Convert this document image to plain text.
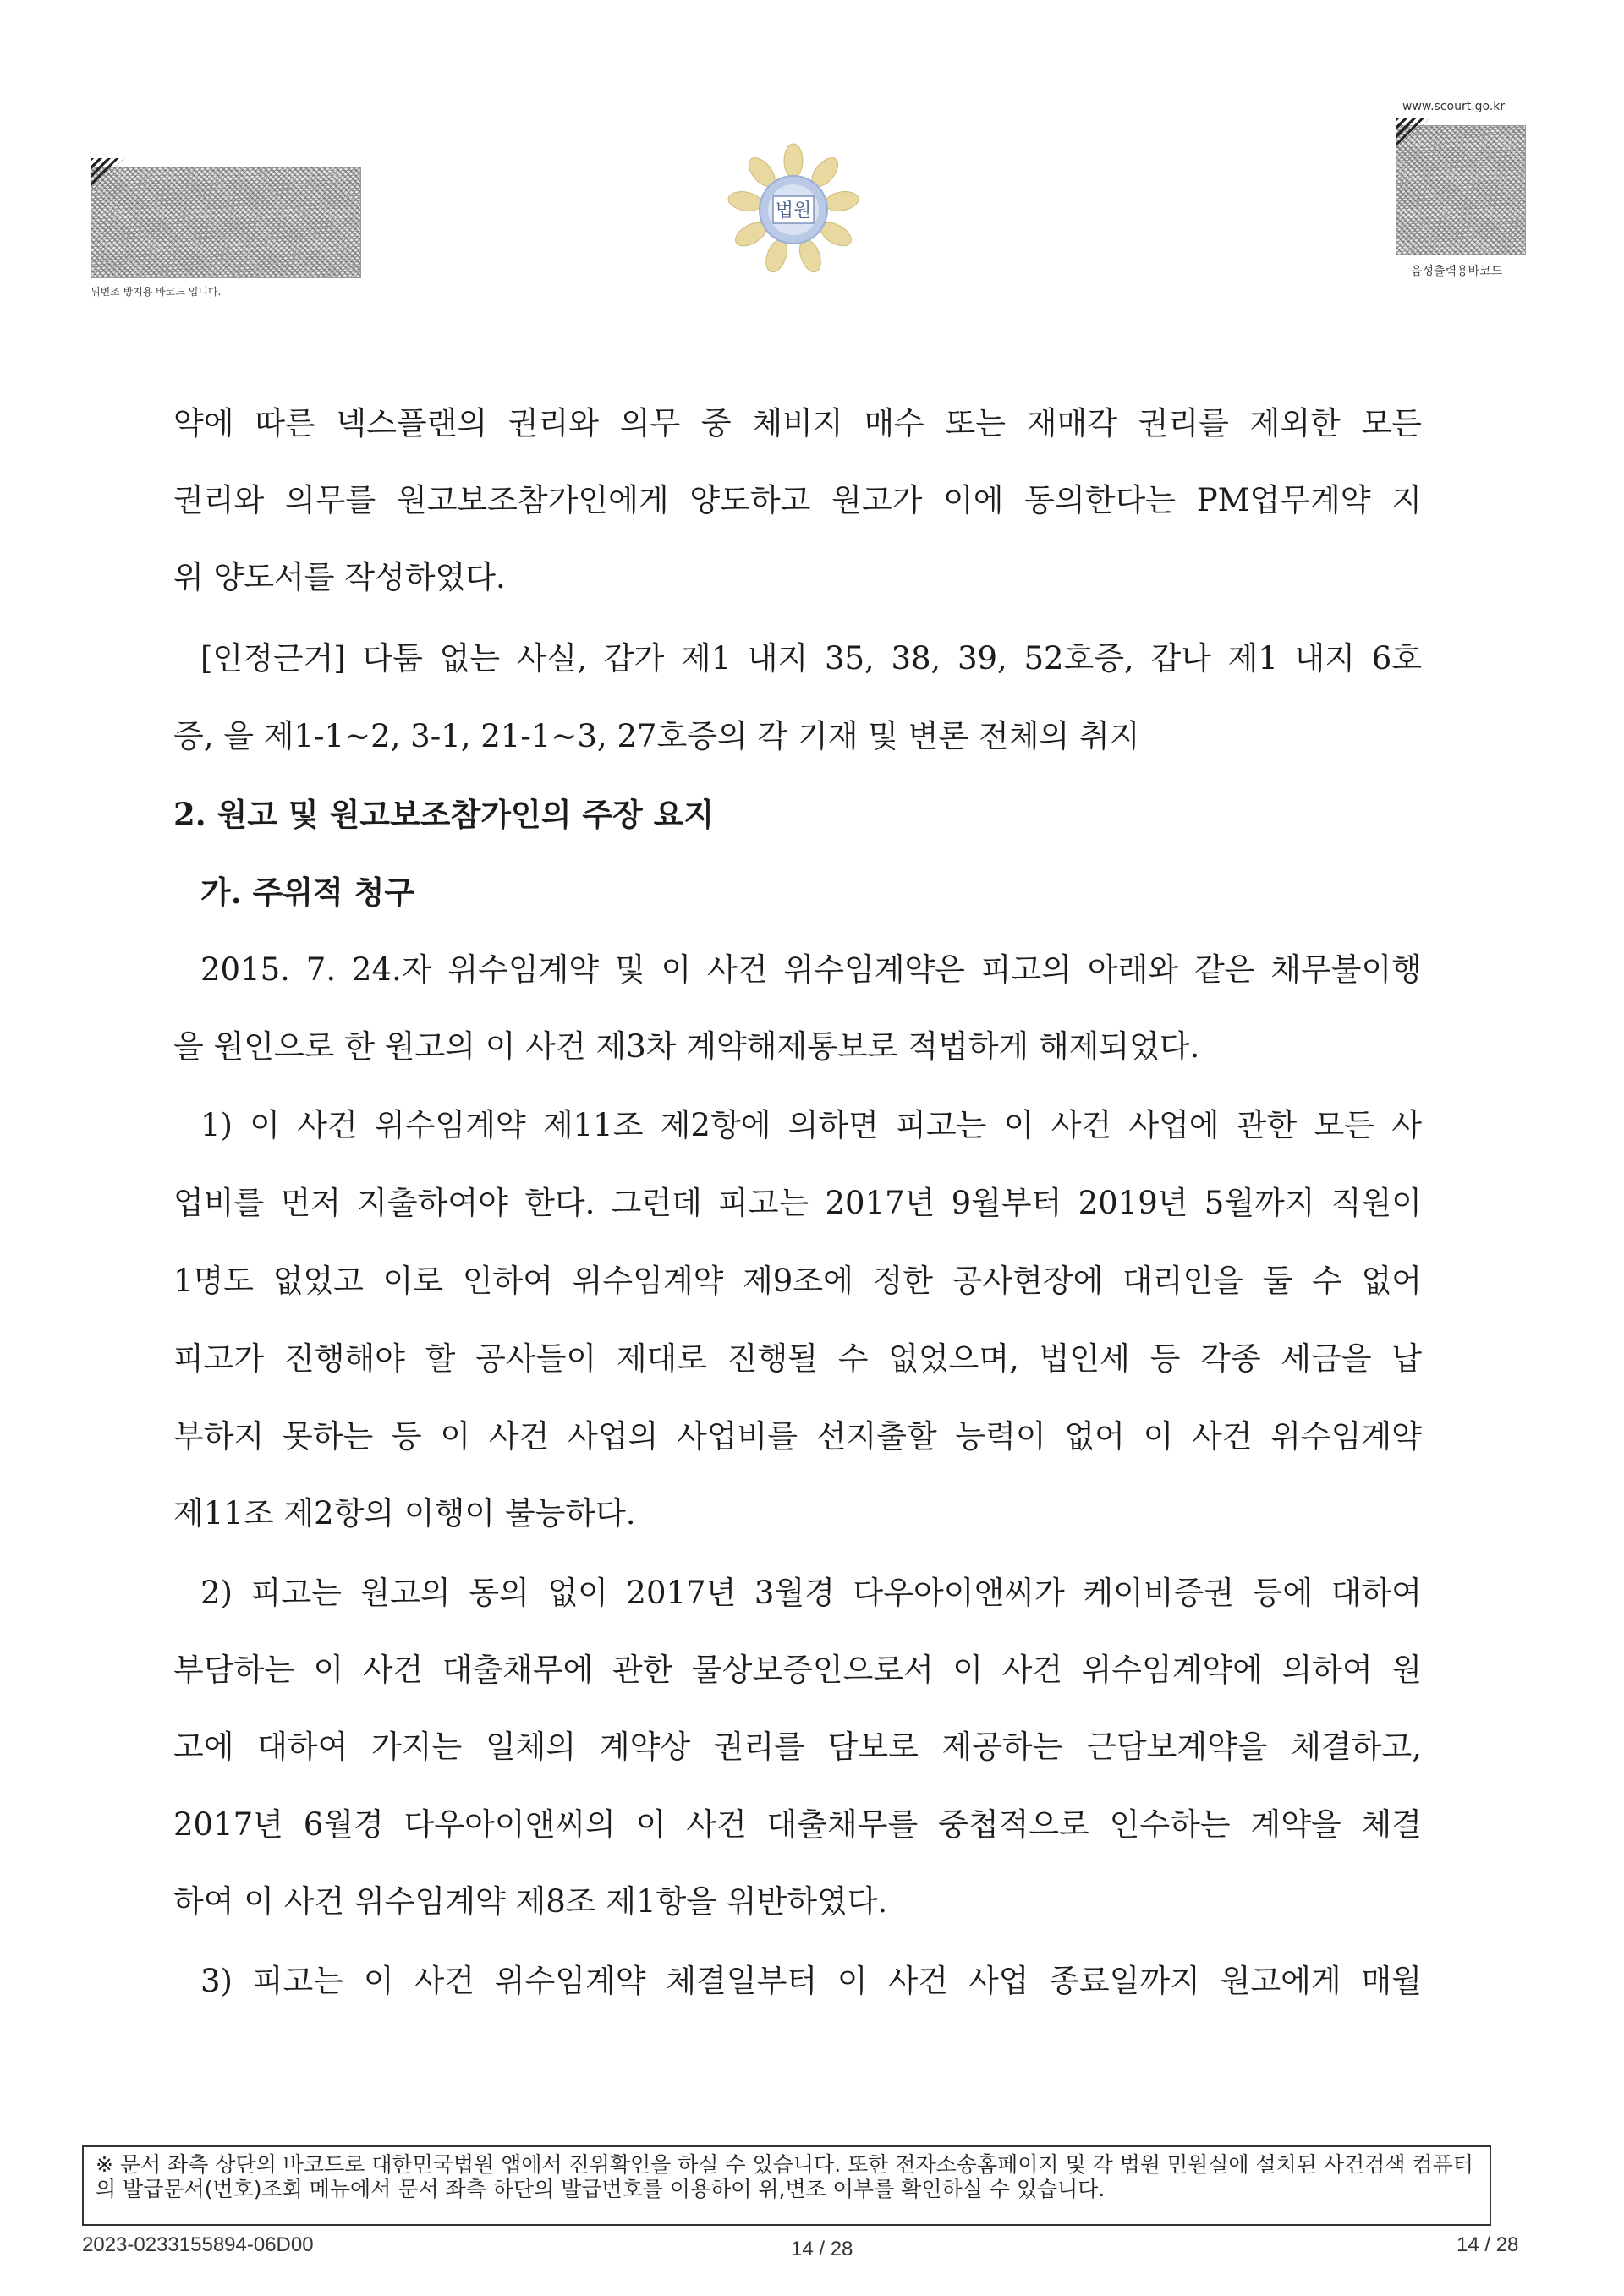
위변조 방지용 바코드 입니다.
법원
www.scourt.go.kr
음성출력용바코드
약에 따른 넥스플랜의 권리와 의무 중 체비지 매수 또는 재매각 권리를 제외한 모든
권리와 의무를 원고보조참가인에게 양도하고 원고가 이에 동의한다는 PM업무계약 지
위 양도서를 작성하였다.
[인정근거] 다툼 없는 사실, 갑가 제1 내지 35, 38, 39, 52호증, 갑나 제1 내지 6호
증, 을 제1-1~2, 3-1, 21-1~3, 27호증의 각 기재 및 변론 전체의 취지
2. 원고 및 원고보조참가인의 주장 요지
가. 주위적 청구
2015. 7. 24.자 위수임계약 및 이 사건 위수임계약은 피고의 아래와 같은 채무불이행
을 원인으로 한 원고의 이 사건 제3차 계약해제통보로 적법하게 해제되었다.
1) 이 사건 위수임계약 제11조 제2항에 의하면 피고는 이 사건 사업에 관한 모든 사
업비를 먼저 지출하여야 한다. 그런데 피고는 2017년 9월부터 2019년 5월까지 직원이
1명도 없었고 이로 인하여 위수임계약 제9조에 정한 공사현장에 대리인을 둘 수 없어
피고가 진행해야 할 공사들이 제대로 진행될 수 없었으며, 법인세 등 각종 세금을 납
부하지 못하는 등 이 사건 사업의 사업비를 선지출할 능력이 없어 이 사건 위수임계약
제11조 제2항의 이행이 불능하다.
2) 피고는 원고의 동의 없이 2017년 3월경 다우아이앤씨가 케이비증권 등에 대하여
부담하는 이 사건 대출채무에 관한 물상보증인으로서 이 사건 위수임계약에 의하여 원
고에 대하여 가지는 일체의 계약상 권리를 담보로 제공하는 근담보계약을 체결하고,
2017년 6월경 다우아이앤씨의 이 사건 대출채무를 중첩적으로 인수하는 계약을 체결
하여 이 사건 위수임계약 제8조 제1항을 위반하였다.
3) 피고는 이 사건 위수임계약 체결일부터 이 사건 사업 종료일까지 원고에게 매월
※ 문서 좌측 상단의 바코드로 대한민국법원 앱에서 진위확인을 하실 수 있습니다. 또한 전자소송홈페이지 및 각 법원 민원실에 설치된 사건검색 컴퓨터의 발급문서(번호)조회 메뉴에서 문서 좌측 하단의 발급번호를 이용하여 위,변조 여부를 확인하실 수 있습니다.
2023-0233155894-06D00	14 / 28	14 / 28
